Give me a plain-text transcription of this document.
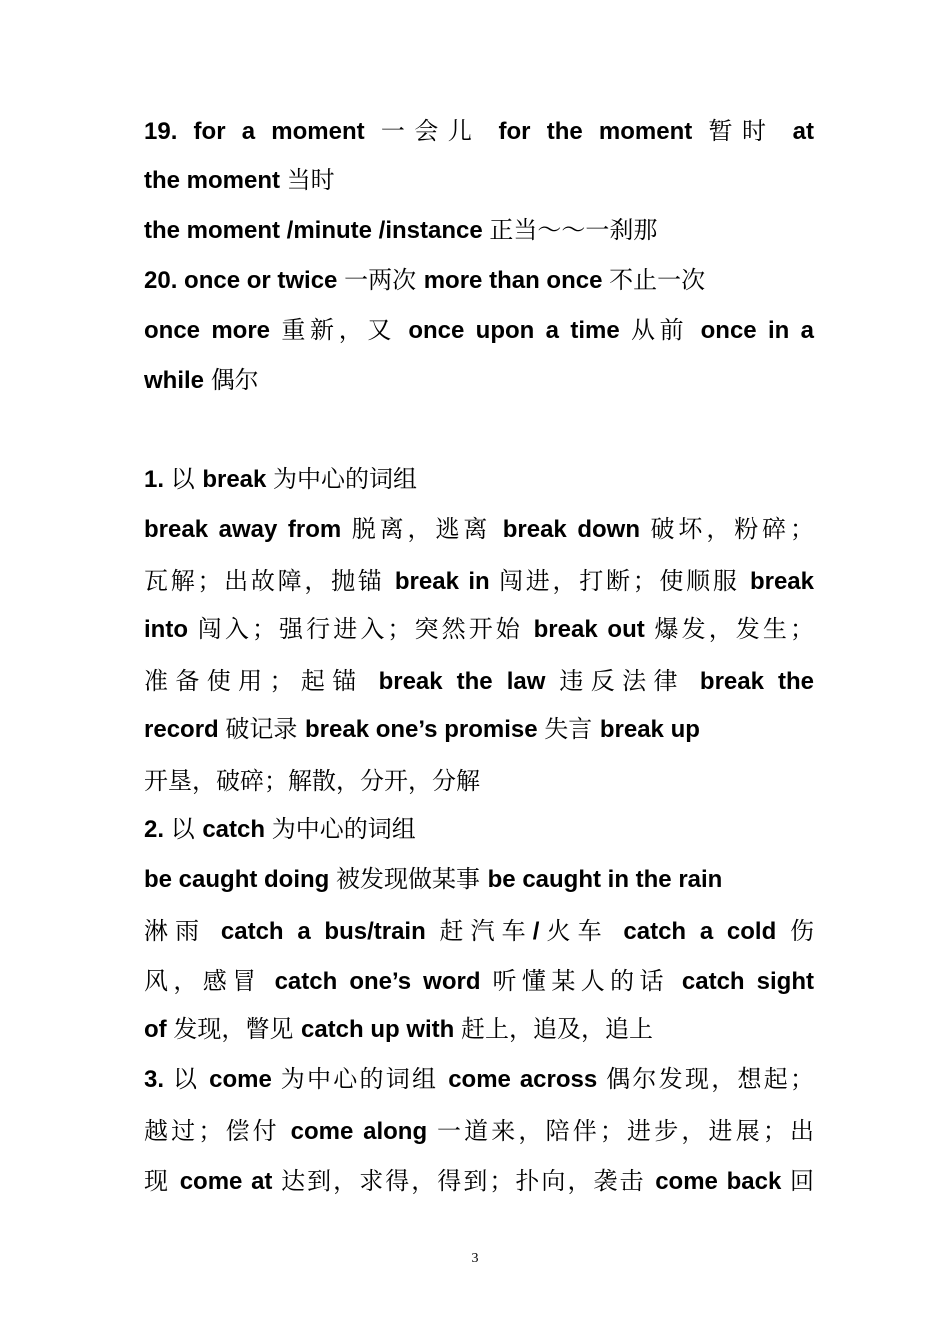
19. for a moment 一会儿 for the moment 暂时 at
the moment 当时
the moment /minute /instance 正当～～一刹那
20. once or twice 一两次 more than once 不止一次
once more 重新，又 once upon a time 从前 once in a
while 偶尔
1. 以 break 为中心的词组
break away from 脱离，逃离 break down 破坏，粉碎；
瓦解；出故障，抛锚 break in 闯进，打断；使顺服 break
into 闯入；强行进入；突然开始 break out 爆发，发生；
准备使用；起锚 break the law 违反法律 break the
record 破记录 break one’s promise 失言 break up
开垦，破碎；解散，分开，分解
2. 以 catch 为中心的词组
be caught doing 被发现做某事 be caught in the rain
淋雨 catch a bus/train 赶汽车/火车 catch a cold 伤
风，感冒 catch one’s word 听懂某人的话 catch sight
of 发现，瞥见 catch up with 赶上，追及，追上
3. 以 come 为中心的词组 come across 偶尔发现，想起；
越过；偿付 come along 一道来，陪伴；进步，进展；出
现 come at 达到，求得，得到；扑向，袭击 come back 回
3
